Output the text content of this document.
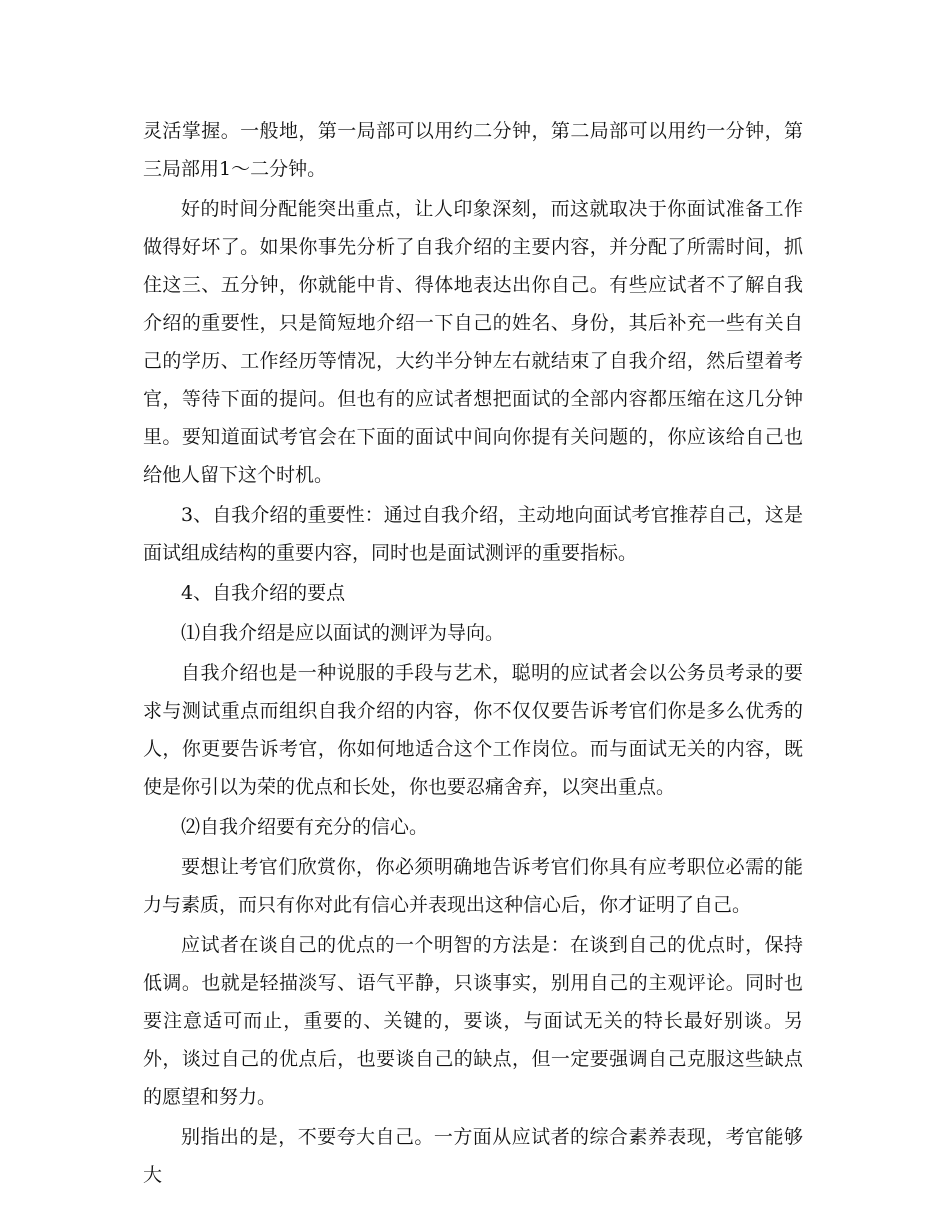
灵活掌握。一般地，第一局部可以用约二分钟，第二局部可以用约一分钟，第三局部用1～二分钟。

好的时间分配能突出重点，让人印象深刻，而这就取决于你面试准备工作做得好坏了。如果你事先分析了自我介绍的主要内容，并分配了所需时间，抓住这三、五分钟，你就能中肯、得体地表达出你自己。有些应试者不了解自我介绍的重要性，只是简短地介绍一下自己的姓名、身份，其后补充一些有关自己的学历、工作经历等情况，大约半分钟左右就结束了自我介绍，然后望着考官，等待下面的提问。但也有的应试者想把面试的全部内容都压缩在这几分钟里。要知道面试考官会在下面的面试中间向你提有关问题的，你应该给自己也给他人留下这个时机。

3、自我介绍的重要性：通过自我介绍，主动地向面试考官推荐自己，这是面试组成结构的重要内容，同时也是面试测评的重要指标。

4、自我介绍的要点

⑴自我介绍是应以面试的测评为导向。

自我介绍也是一种说服的手段与艺术，聪明的应试者会以公务员考录的要求与测试重点而组织自我介绍的内容，你不仅仅要告诉考官们你是多么优秀的人，你更要告诉考官，你如何地适合这个工作岗位。而与面试无关的内容，既使是你引以为荣的优点和长处，你也要忍痛舍弃，以突出重点。

⑵自我介绍要有充分的信心。

要想让考官们欣赏你，你必须明确地告诉考官们你具有应考职位必需的能力与素质，而只有你对此有信心并表现出这种信心后，你才证明了自己。

应试者在谈自己的优点的一个明智的方法是：在谈到自己的优点时，保持低调。也就是轻描淡写、语气平静，只谈事实，别用自己的主观评论。同时也要注意适可而止，重要的、关键的，要谈，与面试无关的特长最好别谈。另外，谈过自己的优点后，也要谈自己的缺点，但一定要强调自己克服这些缺点的愿望和努力。

别指出的是，不要夸大自己。一方面从应试者的综合素养表现，考官能够大
